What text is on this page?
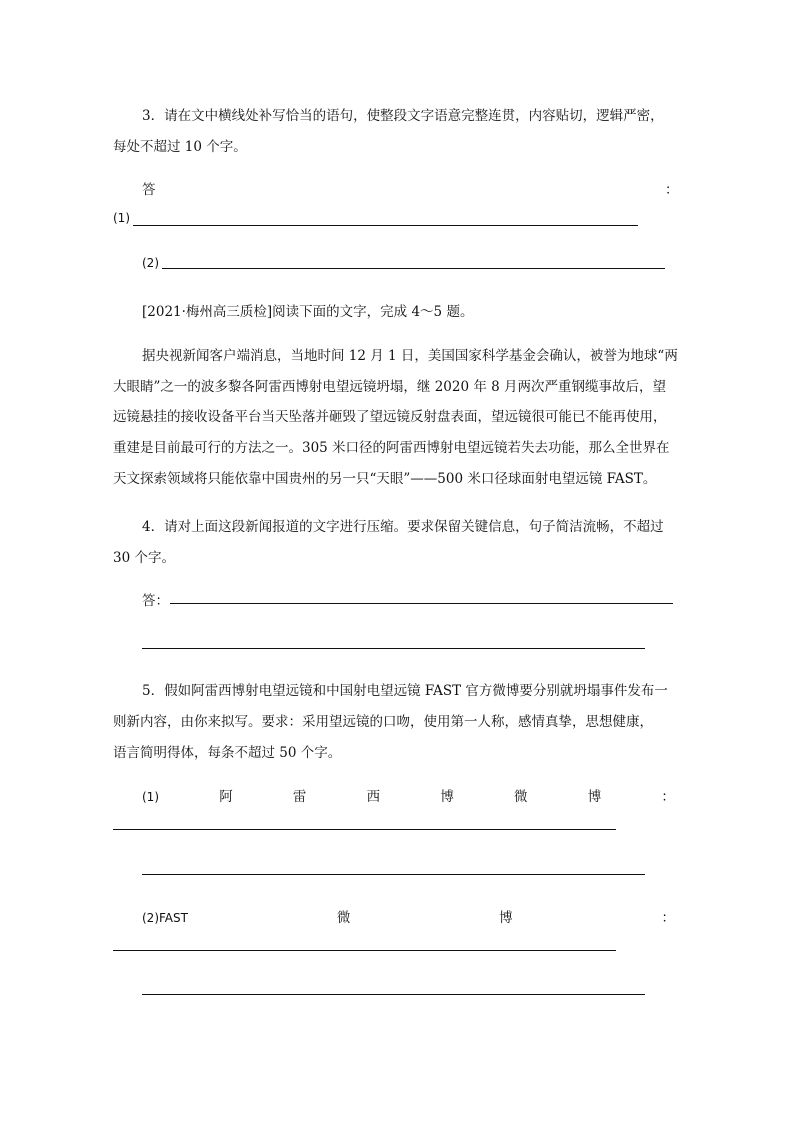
3．请在文中横线处补写恰当的语句，使整段文字语意完整连贯，内容贴切，逻辑严密，
每处不超过 10 个字。
答	：
(1)
(2)
[2021·梅州高三质检]阅读下面的文字，完成 4～5 题。
据央视新闻客户端消息，当地时间 12 月 1 日，美国国家科学基金会确认，被誉为地球“两
大眼睛”之一的波多黎各阿雷西博射电望远镜坍塌，继 2020 年 8 月两次严重钢缆事故后，望
远镜悬挂的接收设备平台当天坠落并砸毁了望远镜反射盘表面，望远镜很可能已不能再使用，
重建是目前最可行的方法之一。305 米口径的阿雷西博射电望远镜若失去功能，那么全世界在
天文探索领域将只能依靠中国贵州的另一只“天眼”——500 米口径球面射电望远镜 FAST。
4．请对上面这段新闻报道的文字进行压缩。要求保留关键信息，句子简洁流畅，不超过
30 个字。
答：
5．假如阿雷西博射电望远镜和中国射电望远镜 FAST 官方微博要分别就坍塌事件发布一
则新内容，由你来拟写。要求：采用望远镜的口吻，使用第一人称，感情真挚，思想健康，
语言简明得体，每条不超过 50 个字。
(1)	阿	雷	西	博	微	博	：
(2)FAST	微	博	：
